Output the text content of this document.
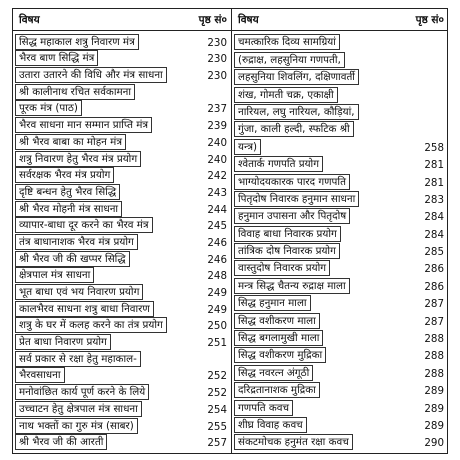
विषय	पृष्ठ सं०
सिद्ध महाकाल शत्रु निवारण मंत्र	230
भैरव बाण सिद्धि मंत्र	230
उतारा उतारने की विधि और मंत्र साधना	230
श्री कालीनाथ रचित सर्वकामना
पूरक मंत्र (पाठ)	237
भैरव साधना मान सम्मान प्राप्ति मंत्र	239
श्री भैरव बाबा का मोहन मंत्र	240
शत्रु निवारण हेतु भैरव मंत्र प्रयोग	240
सर्वरक्षक भैरव मंत्र प्रयोग	242
दृष्टि बन्धन हेतु भैरव सिद्धि	243
श्री भैरव मोहनी मंत्र साधना	244
व्यापार-बाधा दूर करने का भैरव मंत्र	245
तंत्र बाधानाशक भैरव मंत्र प्रयोग	246
श्री भैरव जी की खप्पर सिद्धि	246
क्षेत्रपाल मंत्र साधना	248
भूत बाधा एवं भय निवारण प्रयोग	249
कालभैरव साधना शत्रु बाधा निवारण	249
शत्रु के घर में कलह करने का तंत्र प्रयोग	250
प्रेत बाधा निवारण प्रयोग	251
सर्व प्रकार से रक्षा हेतु महाकाल-
भैरवसाधना	252
मनोवांछित कार्य पूर्ण करने के लिये	252
उच्चाटन हेतु क्षेत्रपाल मंत्र साधना	254
नाथ भक्तों का गुरु मंत्र (साबर)	255
श्री भैरव जी की आरती	257
विषय	पृष्ठ सं०
चमत्कारिक दिव्य सामग्रियां
(रुद्राक्ष, लहसुनिया गणपती,
लहसुनिया शिवलिंग, दक्षिणावर्ती
शंख, गोमती चक्र, एकाक्षी
नारियल, लघु नारियल, कौड़ियां,
गुंजा, काली हल्दी, स्फटिक श्री
यन्त्र)	258
श्वेतार्क गणपति प्रयोग	281
भाग्योदयकारक पारद गणपति	281
पितृदोष निवारक हनुमान साधना	283
हनुमान उपासना और पितृदोष	284
विवाह बाधा निवारक प्रयोग	284
तांत्रिक दोष निवारक प्रयोग	285
वास्तुदोष निवारक प्रयोग	286
मन्त्र सिद्ध चैतन्य रुद्राक्ष माला	286
सिद्ध हनुमान माला	287
सिद्ध वशीकरण माला	287
सिद्ध बगलामुखी माला	288
सिद्ध वशीकरण मुद्रिका	288
सिद्ध नवरत्न अंगूठी	288
दरिद्रतानाशक मुद्रिका	289
गणपति कवच	289
शीघ्र विवाह कवच	289
संकटमोचक हनुमंत रक्षा कवच	290
